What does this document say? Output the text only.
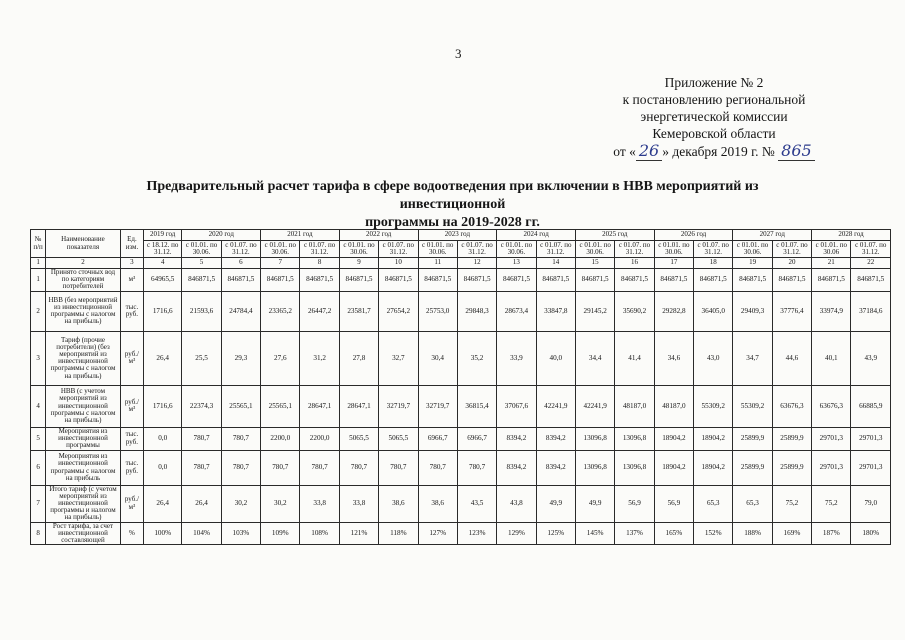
3
Приложение № 2
к постановлению региональной
энергетической комиссии
Кемеровской области
от « 26 » декабря 2019 г. № 865
Предварительный расчет тарифа в сфере водоотведения при включении в НВВ мероприятий из инвестиционной
программы на 2019-2028 гг.
№ п/п	Наименование показателя	Ед. изм.	2019 год	2020 год		2021 год		2022 год		2023 год		2024 год		2025 год		2026 год		2027 год		2028 год	
			с 18.12. по 31.12.	с 01.01. по 30.06.	с 01.07. по 31.12.	с 01.01. по 30.06.	с 01.07. по 31.12.	с 01.01. по 30.06.	с 01.07. по 31.12.	с 01.01. по 30.06.	с 01.07. по 31.12.	с 01.01. по 30.06.	с 01.07. по 31.12.	с 01.01. по 30.06.	с 01.07. по 31.12.	с 01.01. по 30.06.	с 01.07. по 31.12.	с 01.01. по 30.06.	с 01.07. по 31.12.	с 01.01. по 30.06	с 01.07. по 31.12.
1	2	3	4	5	6	7	8	9	10	11	12	13	14	15	16	17	18	19	20	21	22
1	Принято сточных вод по категориям потребителей	м³	64965,5	846871,5	846871,5	846871,5	846871,5	846871,5	846871,5	846871,5	846871,5	846871,5	846871,5	846871,5	846871,5	846871,5	846871,5	846871,5	846871,5	846871,5	846871,5
2	НВВ (без мероприятий из инвестиционной программы с налогом на прибыль)	тыс. руб.	1716,6	21593,6	24784,4	23365,2	26447,2	23581,7	27654,2	25753,0	29848,3	28673,4	33847,8	29145,2	35690,2	29282,8	36405,0	29409,3	37776,4	33974,9	37184,6
3	Тариф (прочие потребители) (без мероприятий из инвестиционной программы с налогом на прибыль)	руб./м³	26,4	25,5	29,3	27,6	31,2	27,8	32,7	30,4	35,2	33,9	40,0	34,4	41,4	34,6	43,0	34,7	44,6	40,1	43,9
4	НВВ (с учетом мероприятий из инвестиционной программы с налогом на прибыль)	руб./м³	1716,6	22374,3	25565,1	25565,1	28647,1	28647,1	32719,7	32719,7	36815,4	37067,6	42241,9	42241,9	48187,0	48187,0	55309,2	55309,2	63676,3	63676,3	66885,9
5	Мероприятия из инвестиционной программы	тыс. руб.	0,0	780,7	780,7	2200,0	2200,0	5065,5	5065,5	6966,7	6966,7	8394,2	8394,2	13096,8	13096,8	18904,2	18904,2	25899,9	25899,9	29701,3	29701,3
6	Мероприятия из инвестиционной программы с налогом на прибыль	тыс. руб.	0,0	780,7	780,7	780,7	780,7	780,7	780,7	780,7	780,7	8394,2	8394,2	13096,8	13096,8	18904,2	18904,2	25899,9	25899,9	29701,3	29701,3
7	Итого тариф (с учетом мероприятий из инвестиционной программы и налогом на прибыль)	руб./м³	26,4	26,4	30,2	30,2	33,8	33,8	38,6	38,6	43,5	43,8	49,9	49,9	56,9	56,9	65,3	65,3	75,2	75,2	79,0
8	Рост тарифа, за счет инвестиционной составляющей	%	100%	104%	103%	109%	108%	121%	118%	127%	123%	129%	125%	145%	137%	165%	152%	188%	169%	187%	180%
